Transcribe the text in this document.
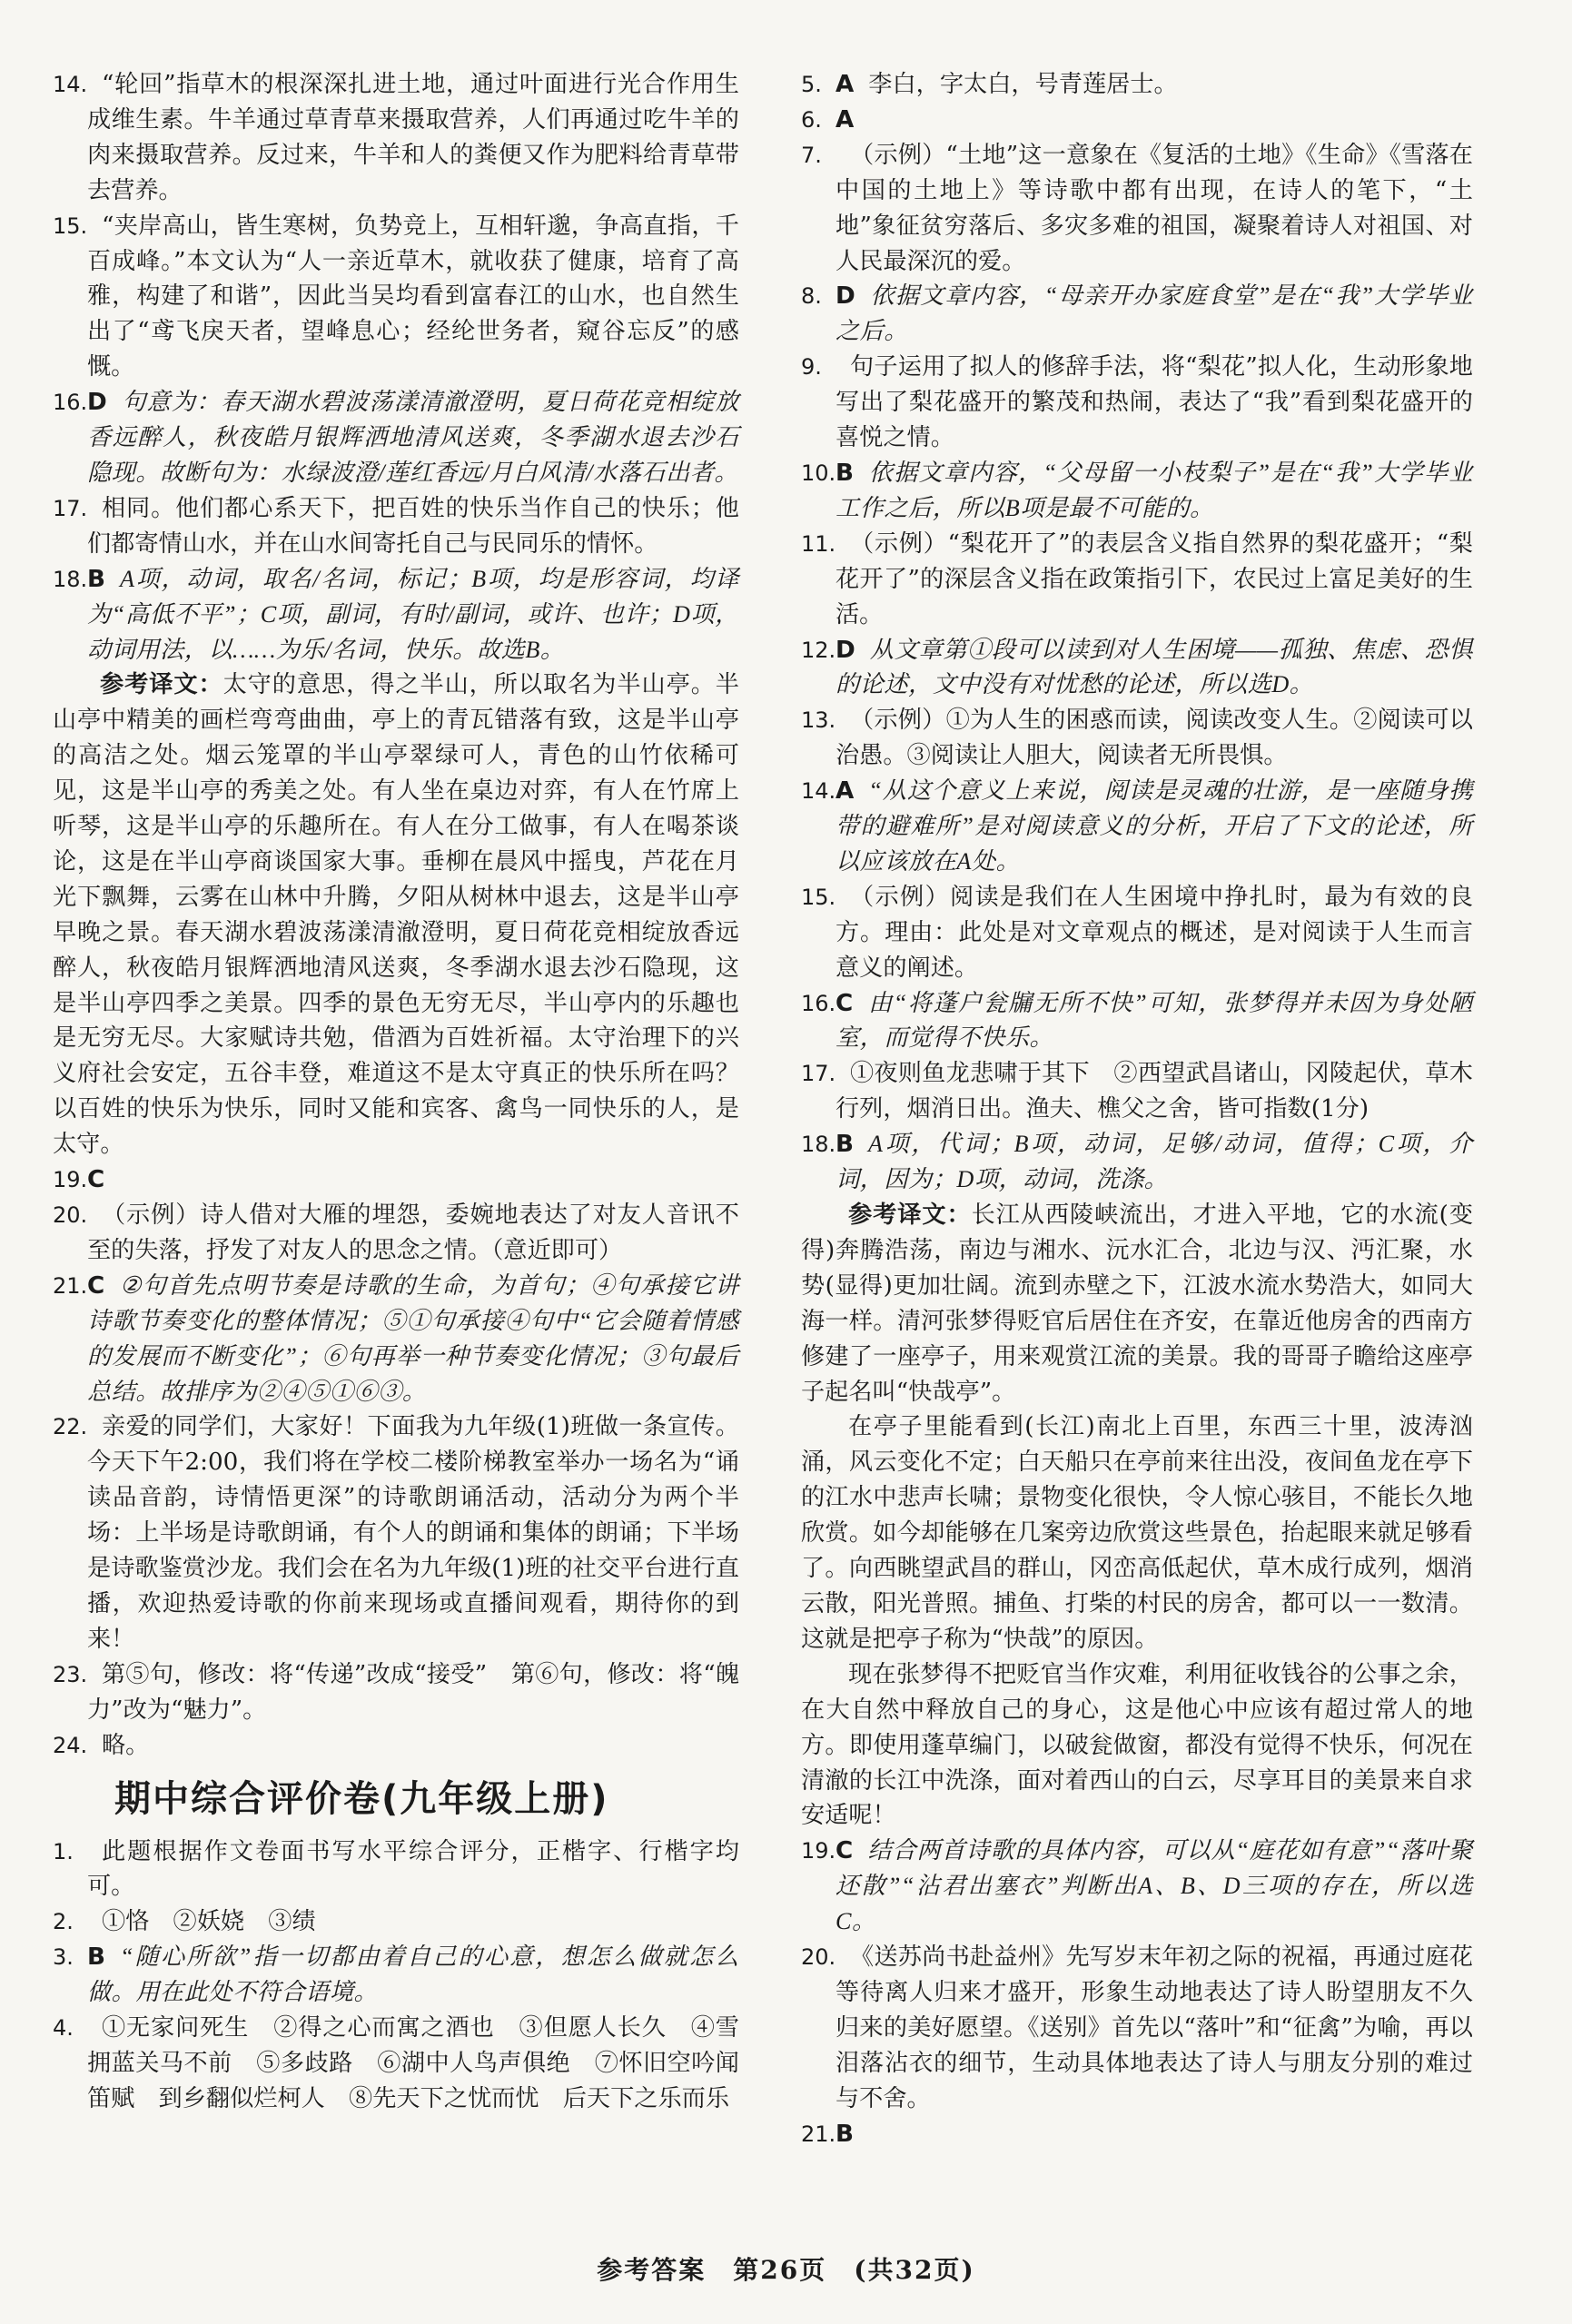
14. “轮回”指草木的根深深扎进土地，通过叶面进行光合作用生成维生素。牛羊通过草青草来摄取营养，人们再通过吃牛羊的肉来摄取营养。反过来，牛羊和人的粪便又作为肥料给青草带去营养。

15. “夹岸高山，皆生寒树，负势竞上，互相轩邈，争高直指，千百成峰。”本文认为“人一亲近草木，就收获了健康，培育了高雅，构建了和谐”，因此当吴均看到富春江的山水，也自然生出了“鸢飞戾天者，望峰息心；经纶世务者，窥谷忘反”的感慨。

16. D 句意为：春天湖水碧波荡漾清澈澄明，夏日荷花竞相绽放香远醉人，秋夜皓月银辉洒地清风送爽，冬季湖水退去沙石隐现。故断句为：水绿波澄/莲红香远/月白风清/水落石出者。

17. 相同。他们都心系天下，把百姓的快乐当作自己的快乐；他们都寄情山水，并在山水间寄托自己与民同乐的情怀。

18. B A项，动词，取名/名词，标记；B项，均是形容词，均译为“高低不平”；C项，副词，有时/副词，或许、也许；D项，动词用法，以……为乐/名词，快乐。故选B。

参考译文：太守的意思，得之半山，所以取名为半山亭。半山亭中精美的画栏弯弯曲曲，亭上的青瓦错落有致，这是半山亭的高洁之处。烟云笼罩的半山亭翠绿可人，青色的山竹依稀可见，这是半山亭的秀美之处。有人坐在桌边对弈，有人在竹席上听琴，这是半山亭的乐趣所在。有人在分工做事，有人在喝茶谈论，这是在半山亭商谈国家大事。垂柳在晨风中摇曳，芦花在月光下飘舞，云雾在山林中升腾，夕阳从树林中退去，这是半山亭早晚之景。春天湖水碧波荡漾清澈澄明，夏日荷花竞相绽放香远醉人，秋夜皓月银辉洒地清风送爽，冬季湖水退去沙石隐现，这是半山亭四季之美景。四季的景色无穷无尽，半山亭内的乐趣也是无穷无尽。大家赋诗共勉，借酒为百姓祈福。太守治理下的兴义府社会安定，五谷丰登，难道这不是太守真正的快乐所在吗？以百姓的快乐为快乐，同时又能和宾客、禽鸟一同快乐的人，是太守。

19. C

20. （示例）诗人借对大雁的埋怨，委婉地表达了对友人音讯不至的失落，抒发了对友人的思念之情。（意近即可）

21. C ②句首先点明节奏是诗歌的生命，为首句；④句承接它讲诗歌节奏变化的整体情况；⑤①句承接④句中“它会随着情感的发展而不断变化”；⑥句再举一种节奏变化情况；③句最后总结。故排序为②④⑤①⑥③。

22. 亲爱的同学们，大家好！下面我为九年级(1)班做一条宣传。今天下午2:00，我们将在学校二楼阶梯教室举办一场名为“诵读品音韵，诗情悟更深”的诗歌朗诵活动，活动分为两个半场：上半场是诗歌朗诵，有个人的朗诵和集体的朗诵；下半场是诗歌鉴赏沙龙。我们会在名为九年级(1)班的社交平台进行直播，欢迎热爱诗歌的你前来现场或直播间观看，期待你的到来！

23. 第⑤句，修改：将“传递”改成“接受”　第⑥句，修改：将“魄力”改为“魅力”。

24. 略。

期中综合评价卷(九年级上册)

1.	此题根据作文卷面书写水平综合评分，正楷字、行楷字均可。

2.	①恪　②妖娆　③绩

3. B “随心所欲”指一切都由着自己的心意，想怎么做就怎么做。用在此处不符合语境。

4.	①无家问死生　②得之心而寓之酒也　③但愿人长久　④雪拥蓝关马不前　⑤多歧路　⑥湖中人鸟声俱绝　⑦怀旧空吟闻笛赋　到乡翻似烂柯人　⑧先天下之忧而忧　后天下之乐而乐

5. A 李白，字太白，号青莲居士。

6. A

7.	（示例）“土地”这一意象在《复活的土地》《生命》《雪落在中国的土地上》等诗歌中都有出现，在诗人的笔下，“土地”象征贫穷落后、多灾多难的祖国，凝聚着诗人对祖国、对人民最深沉的爱。

8. D 依据文章内容，“母亲开办家庭食堂”是在“我”大学毕业之后。

9.	句子运用了拟人的修辞手法，将“梨花”拟人化，生动形象地写出了梨花盛开的繁茂和热闹，表达了“我”看到梨花盛开的喜悦之情。

10. B 依据文章内容，“父母留一小枝梨子”是在“我”大学毕业工作之后，所以B项是最不可能的。

11. （示例）“梨花开了”的表层含义指自然界的梨花盛开；“梨花开了”的深层含义指在政策指引下，农民过上富足美好的生活。

12. D 从文章第①段可以读到对人生困境——孤独、焦虑、恐惧的论述，文中没有对忧愁的论述，所以选D。

13. （示例）①为人生的困惑而读，阅读改变人生。②阅读可以治愚。③阅读让人胆大，阅读者无所畏惧。

14. A “从这个意义上来说，阅读是灵魂的壮游，是一座随身携带的避难所”是对阅读意义的分析，开启了下文的论述，所以应该放在A处。

15. （示例）阅读是我们在人生困境中挣扎时，最为有效的良方。理由：此处是对文章观点的概述，是对阅读于人生而言意义的阐述。

16. C 由“将蓬户瓮牖无所不快”可知，张梦得并未因为身处陋室，而觉得不快乐。

17. ①夜则鱼龙悲啸于其下　②西望武昌诸山，冈陵起伏，草木行列，烟消日出。渔夫、樵父之舍，皆可指数(1分)

18. B A项，代词；B项，动词，足够/动词，值得；C项，介词，因为；D项，动词，洗涤。

参考译文：长江从西陵峡流出，才进入平地，它的水流(变得)奔腾浩荡，南边与湘水、沅水汇合，北边与汉、沔汇聚，水势(显得)更加壮阔。流到赤壁之下，江波水流水势浩大，如同大海一样。清河张梦得贬官后居住在齐安，在靠近他房舍的西南方修建了一座亭子，用来观赏江流的美景。我的哥哥子瞻给这座亭子起名叫“快哉亭”。

在亭子里能看到(长江)南北上百里，东西三十里，波涛汹涌，风云变化不定；白天船只在亭前来往出没，夜间鱼龙在亭下的江水中悲声长啸；景物变化很快，令人惊心骇目，不能长久地欣赏。如今却能够在几案旁边欣赏这些景色，抬起眼来就足够看了。向西眺望武昌的群山，冈峦高低起伏，草木成行成列，烟消云散，阳光普照。捕鱼、打柴的村民的房舍，都可以一一数清。这就是把亭子称为“快哉”的原因。

现在张梦得不把贬官当作灾难，利用征收钱谷的公事之余，在大自然中释放自己的身心，这是他心中应该有超过常人的地方。即使用蓬草编门，以破瓮做窗，都没有觉得不快乐，何况在清澈的长江中洗涤，面对着西山的白云，尽享耳目的美景来自求安适呢！

19. C 结合两首诗歌的具体内容，可以从“庭花如有意”“落叶聚还散”“沾君出塞衣”判断出A、B、D三项的存在，所以选C。

20. 《送苏尚书赴益州》先写岁末年初之际的祝福，再通过庭花等待离人归来才盛开，形象生动地表达了诗人盼望朋友不久归来的美好愿望。《送别》首先以“落叶”和“征禽”为喻，再以泪落沾衣的细节，生动具体地表达了诗人与朋友分别的难过与不舍。

21. B

参考答案　第26页　(共32页)
